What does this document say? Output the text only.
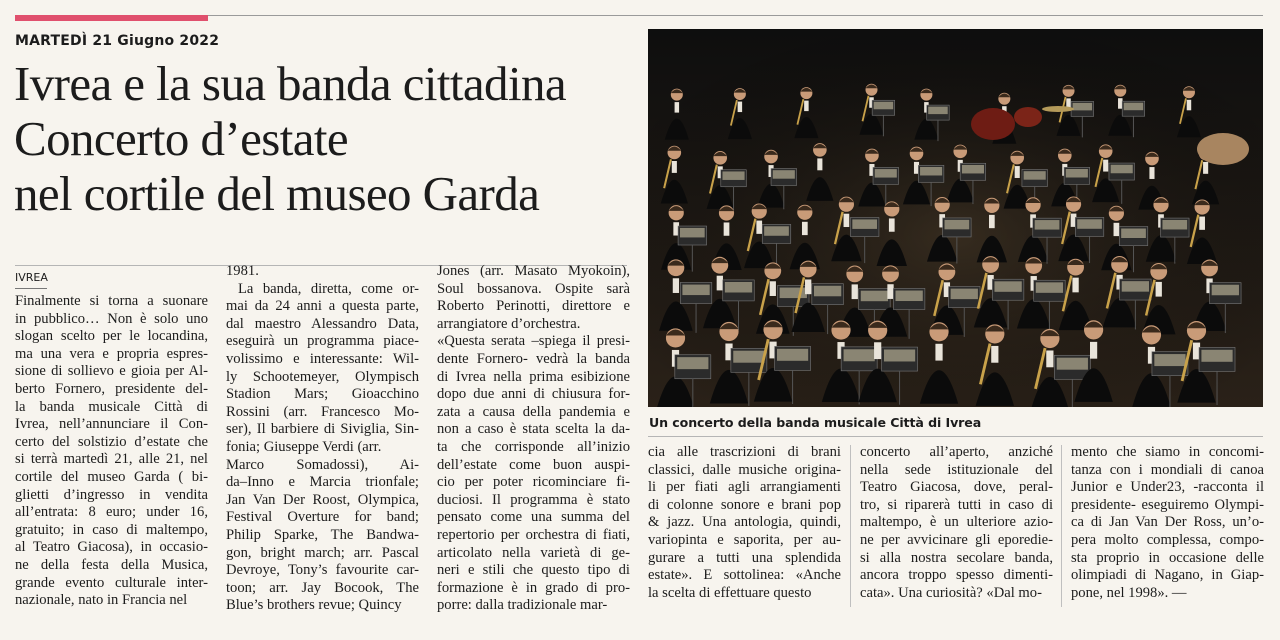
MARTEDÌ 21 Giugno 2022
Ivrea e la sua banda cittadina
Concerto d’estate
nel cortile del museo Garda
IVREA
Finalmente si torna a suonare
in pubblico… Non è solo uno
slogan scelto per le locandina,
ma una vera e propria espres-
sione di sollievo e gioia per Al-
berto Fornero, presidente del-
la banda musicale Città di
Ivrea, nell’annunciare il Con-
certo del solstizio d’estate che
si terrà martedì 21, alle 21, nel
cortile del museo Garda ( bi-
glietti d’ingresso in vendita
all’entrata: 8 euro; under 16,
gratuito; in caso di maltempo,
al Teatro Giacosa), in occasio-
ne della festa della Musica,
grande evento culturale inter-
nazionale, nato in Francia nel
1981.
La banda, diretta, come or-
mai da 24 anni a questa parte,
dal maestro Alessandro Data,
eseguirà un programma piace-
volissimo e interessante: Wil-
ly Schootemeyer, Olympisch
Stadion Mars; Gioacchino
Rossini (arr. Francesco Mo-
ser), Il barbiere di Siviglia, Sin-
fonia; Giuseppe Verdi (arr.
Marco Somadossi), Ai-
da–Inno e Marcia trionfale;
Jan Van Der Roost, Olympica,
Festival Overture for band;
Philip Sparke, The Bandwa-
gon, bright march; arr. Pascal
Devroye, Tony’s favourite car-
toon; arr. Jay Bocook, The
Blue’s brothers revue; Quincy
Jones (arr. Masato Myokoin),
Soul bossanova. Ospite sarà
Roberto Perinotti, direttore e
arrangiatore d’orchestra.
«Questa serata –spiega il presi-
dente Fornero- vedrà la banda
di Ivrea nella prima esibizione
dopo due anni di chiusura for-
zata a causa della pandemia e
non a caso è stata scelta la da-
ta che corrisponde all’inizio
dell’estate come buon auspi-
cio per poter ricominciare fi-
duciosi. Il programma è stato
pensato come una summa del
repertorio per orchestra di fiati,
articolato nella varietà di ge-
neri e stili che questo tipo di
formazione è in grado di pro-
porre: dalla tradizionale mar-
Un concerto della banda musicale Città di Ivrea
cia alle trascrizioni di brani
classici, dalle musiche origina-
li per fiati agli arrangiamenti
di colonne sonore e brani pop
& jazz. Una antologia, quindi,
variopinta e saporita, per au-
gurare a tutti una splendida
estate». E sottolinea: «Anche
la scelta di effettuare questo
concerto all’aperto, anziché
nella sede istituzionale del
Teatro Giacosa, dove, peral-
tro, si riparerà tutti in caso di
maltempo, è un ulteriore azio-
ne per avvicinare gli eporedie-
si alla nostra secolare banda,
ancora troppo spesso dimenti-
cata». Una curiosità? «Dal mo-
mento che siamo in concomi-
tanza con i mondiali di canoa
Junior e Under23, -racconta il
presidente- eseguiremo Olympi-
ca di Jan Van Der Ross, un’o-
pera molto complessa, compo-
sta proprio in occasione delle
olimpiadi di Nagano, in Giap-
pone, nel 1998». —
